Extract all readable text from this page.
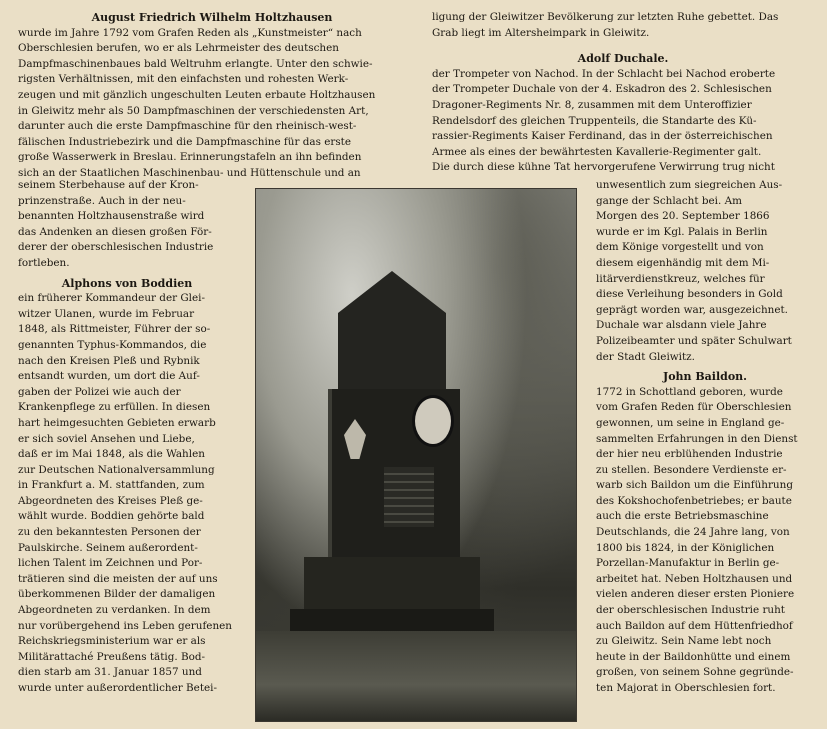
August Friedrich Wilhelm Holtzhausen

wurde im Jahre 1792 vom Grafen Reden als „Kunstmeister“ nach
Oberschlesien berufen, wo er als Lehrmeister des deutschen
Dampfmaschinenbaues bald Weltruhm erlangte. Unter den schwie-
rigsten Verhältnissen, mit den einfachsten und rohesten Werk-
zeugen und mit gänzlich ungeschulten Leuten erbaute Holtzhausen
in Gleiwitz mehr als 50 Dampfmaschinen der verschiedensten Art,
darunter auch die erste Dampfmaschine für den rheinisch-west-
fälischen Industriebezirk und die Dampfmaschine für das erste
große Wasserwerk in Breslau. Erinnerungstafeln an ihn befinden
sich an der Staatlichen Maschinenbau- und Hüttenschule und an

ligung der Gleiwitzer Bevölkerung zur letzten Ruhe gebettet. Das
Grab liegt im Altersheimpark in Gleiwitz.

Adolf Duchale.

der Trompeter von Nachod. In der Schlacht bei Nachod eroberte
der Trompeter Duchale von der 4. Eskadron des 2. Schlesischen
Dragoner-Regiments Nr. 8, zusammen mit dem Unteroffizier
Rendelsdorf des gleichen Truppenteils, die Standarte des Kü-
rassier-Regiments Kaiser Ferdinand, das in der österreichischen
Armee als eines der bewährtesten Kavallerie-Regimenter galt.
Die durch diese kühne Tat hervorgerufene Verwirrung trug nicht

seinem Sterbehause auf der Kron-
prinzenstraße. Auch in der neu-
benannten Holtzhausenstraße wird
das Andenken an diesen großen För-
derer der oberschlesischen Industrie
fortleben.

Alphons von Boddien

ein früherer Kommandeur der Glei-
witzer Ulanen, wurde im Februar
1848, als Rittmeister, Führer der so-
genannten Typhus-Kommandos, die
nach den Kreisen Pleß und Rybnik
entsandt wurden, um dort die Auf-
gaben der Polizei wie auch der
Krankenpflege zu erfüllen. In diesen
hart heimgesuchten Gebieten erwarb
er sich soviel Ansehen und Liebe,
daß er im Mai 1848, als die Wahlen
zur Deutschen Nationalversammlung
in Frankfurt a. M. stattfanden, zum
Abgeordneten des Kreises Pleß ge-
wählt wurde. Boddien gehörte bald
zu den bekanntesten Personen der
Paulskirche. Seinem außerordent-
lichen Talent im Zeichnen und Por-
trätieren sind die meisten der auf uns
überkommenen Bilder der damaligen
Abgeordneten zu verdanken. In dem
nur vorübergehend ins Leben gerufenen
Reichskriegsministerium war er als
Militärattaché Preußens tätig. Bod-
dien starb am 31. Januar 1857 und
wurde unter außerordentlicher Betei-

unwesentlich zum siegreichen Aus-
gange der Schlacht bei. Am
Morgen des 20. September 1866
wurde er im Kgl. Palais in Berlin
dem Könige vorgestellt und von
diesem eigenhändig mit dem Mi-
litärverdienstkreuz, welches für
diese Verleihung besonders in Gold
geprägt worden war, ausgezeichnet.
Duchale war alsdann viele Jahre
Polizeibeamter und später Schulwart
der Stadt Gleiwitz.

John Baildon.

1772 in Schottland geboren, wurde
vom Grafen Reden für Oberschlesien
gewonnen, um seine in England ge-
sammelten Erfahrungen in den Dienst
der hier neu erblühenden Industrie
zu stellen. Besondere Verdienste er-
warb sich Baildon um die Einführung
des Kokshochofenbetriebes; er baute
auch die erste Betriebsmaschine
Deutschlands, die 24 Jahre lang, von
1800 bis 1824, in der Königlichen
Porzellan-Manufaktur in Berlin ge-
arbeitet hat. Neben Holtzhausen und
vielen anderen dieser ersten Pioniere
der oberschlesischen Industrie ruht
auch Baildon auf dem Hüttenfriedhof
zu Gleiwitz. Sein Name lebt noch
heute in der Baildonhütte und einem
großen, von seinem Sohne gegründe-
ten Majorat in Oberschlesien fort.
